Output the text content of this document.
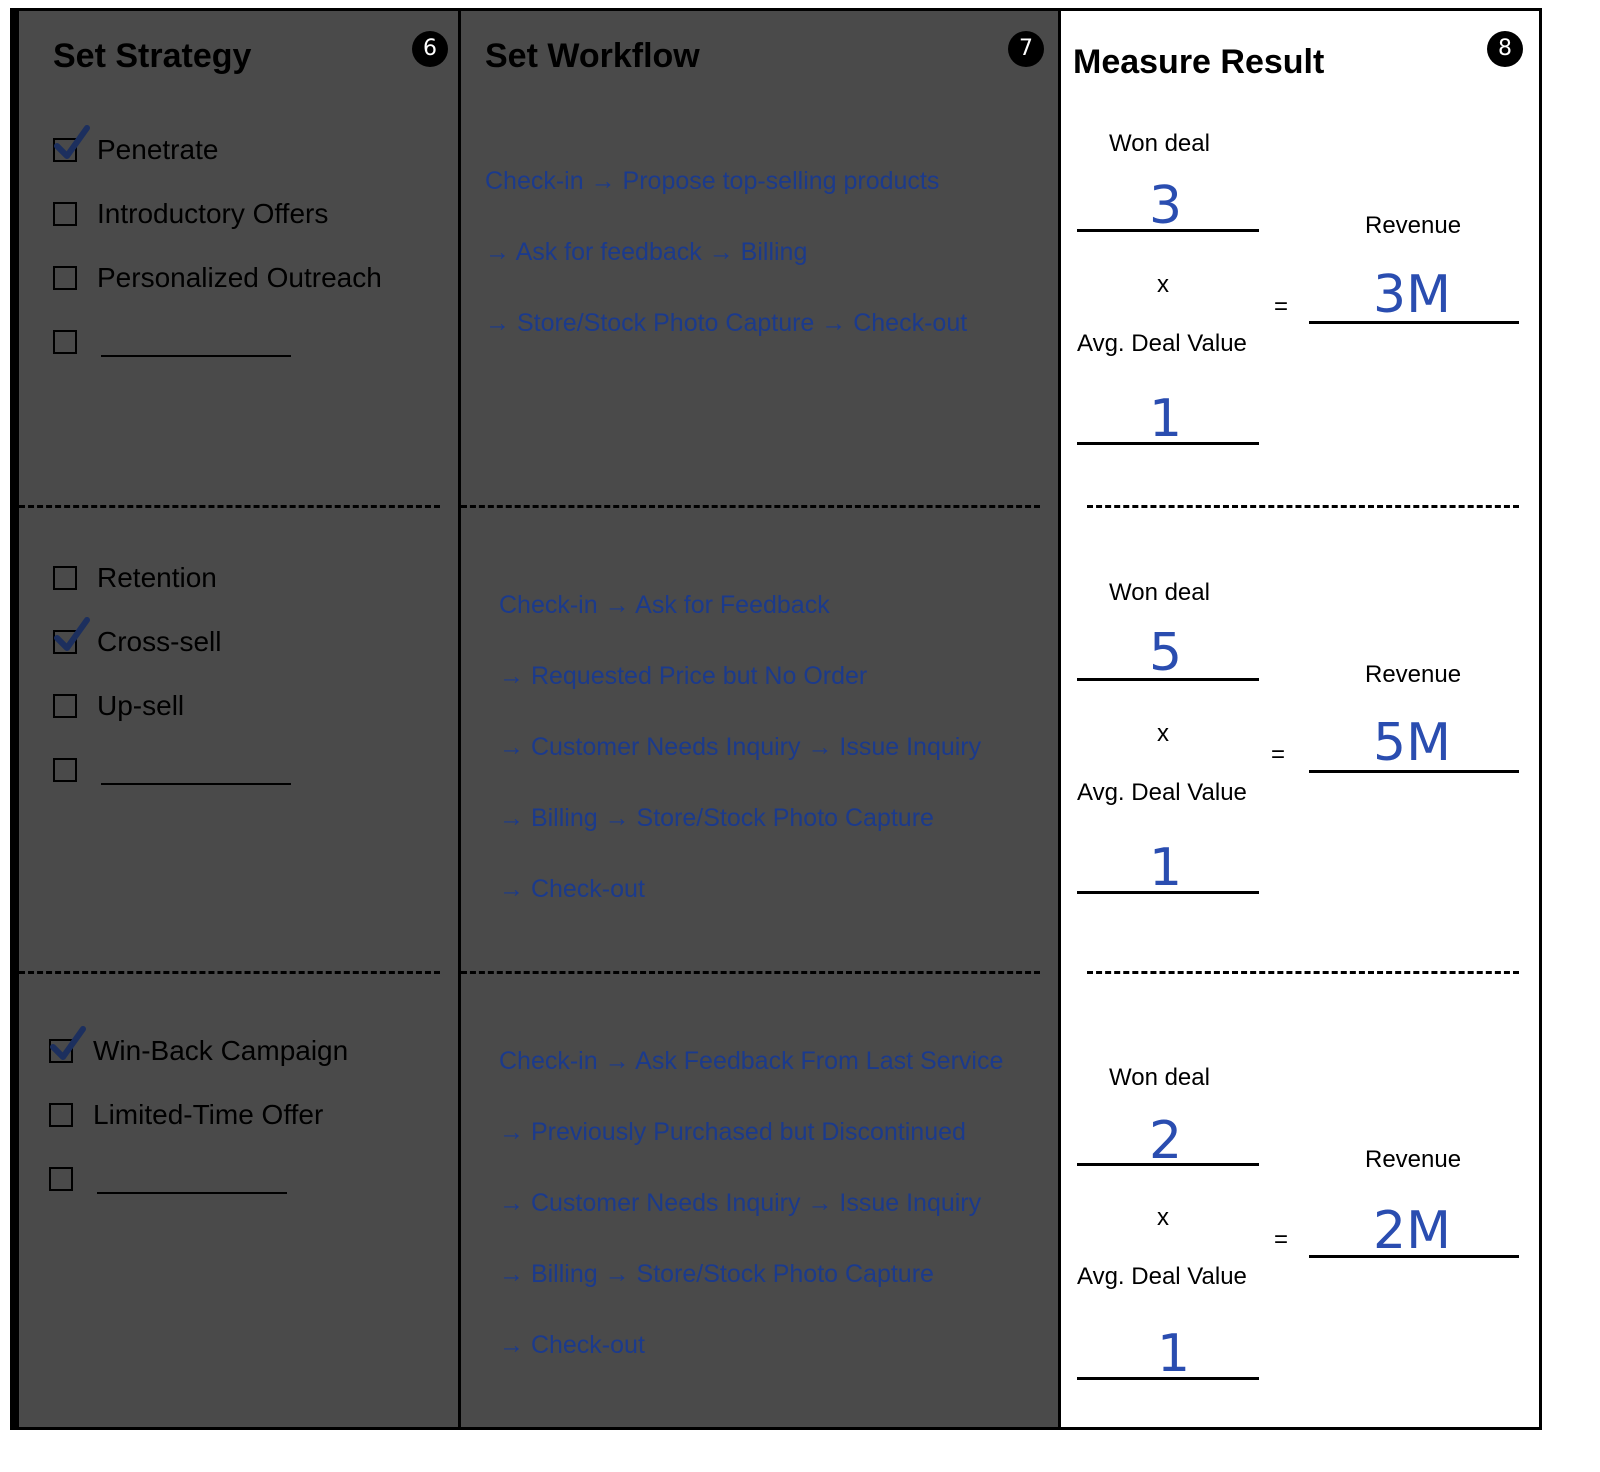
Set Strategy	6
Penetrate
Introductory Offers
Personalized Outreach
Retention
Cross-sell
Up-sell
Win-Back Campaign
Limited-Time Offer
Set Workflow	7
Check-in → Propose top-selling products
→ Ask for feedback → Billing
→ Store/Stock Photo Capture → Check-out
Check-in → Ask for Feedback
→ Requested Price but No Order
→ Customer Needs Inquiry → Issue Inquiry
→ Billing → Store/Stock Photo Capture
→ Check-out
Check-in → Ask Feedback From Last Service
→ Previously Purchased but Discontinued
→ Customer Needs Inquiry → Issue Inquiry
→ Billing → Store/Stock Photo Capture
→ Check-out
Measure Result	8
Won deal
3
x
Avg. Deal Value
1
=
Revenue
3M
Won deal
5
x
Avg. Deal Value
1
=
Revenue
5M
Won deal
2
x
Avg. Deal Value
1
=
Revenue
2M
